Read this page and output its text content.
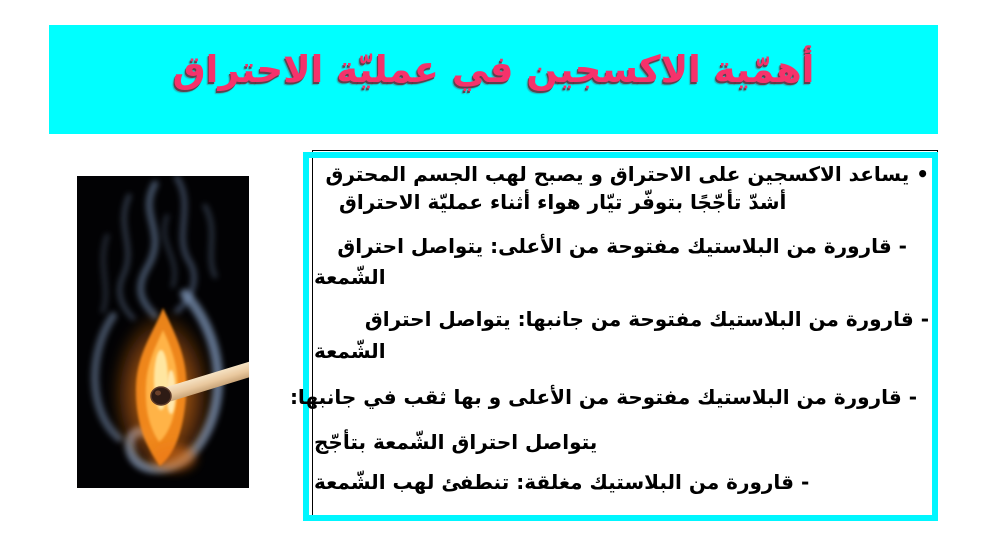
أهمّية الاكسجين في عمليّة الاحتراق
• يساعد الاكسجين على الاحتراق و يصبح لهب الجسم المحترق
أشدّ تأجّجًا بتوفّر تيّار هواء أثناء عمليّة الاحتراق
- قارورة من البلاستيك مفتوحة من الأعلى: يتواصل احتراق
الشّمعة
- قارورة من البلاستيك مفتوحة من جانبها: يتواصل احتراق
الشّمعة
- قارورة من البلاستيك مفتوحة من الأعلى و بها ثقب في جانبها:
يتواصل احتراق الشّمعة بتأجّج
- قارورة من البلاستيك مغلقة: تنطفئ لهب الشّمعة
